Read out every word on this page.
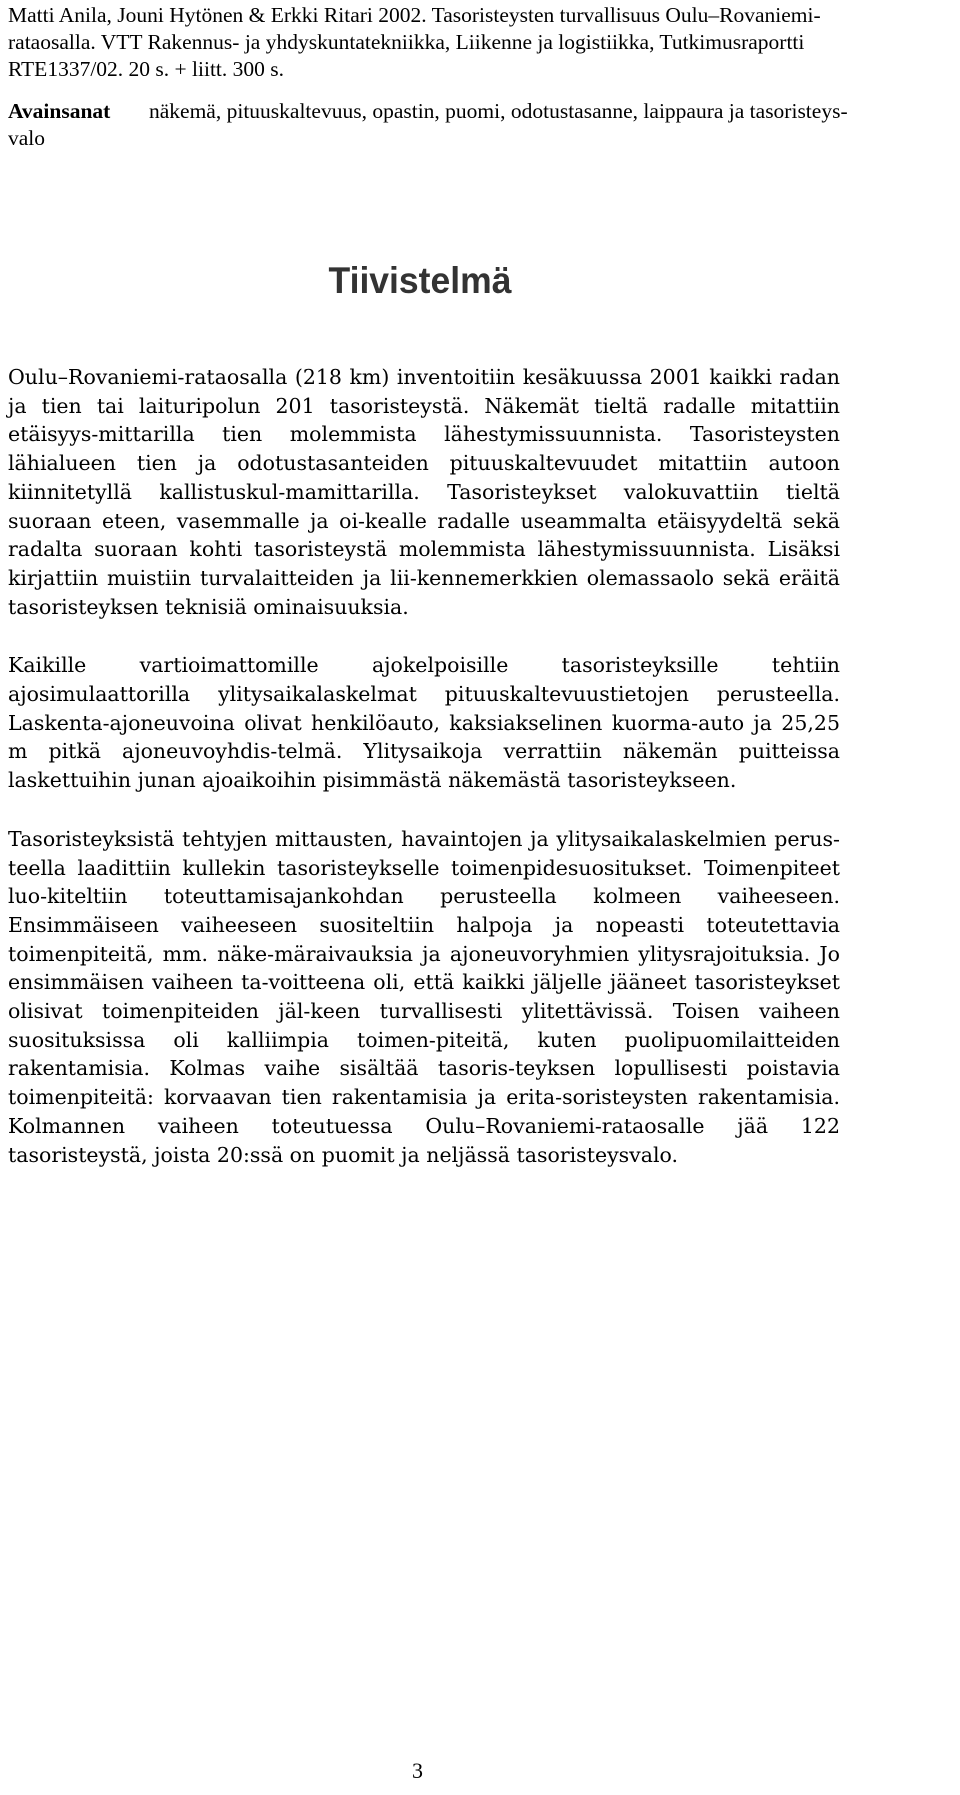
Matti Anila, Jouni Hytönen & Erkki Ritari 2002. Tasoristeysten turvallisuus Oulu–Rovaniemi-rataosalla. VTT Rakennus- ja yhdyskuntatekniikka, Liikenne ja logistiikka, Tutkimusraportti RTE1337/02. 20 s. + liitt. 300 s.
Avainsanat
valo
näkemä, pituuskaltevuus, opastin, puomi, odotustasanne, laippaura ja tasoristeys-
Tiivistelmä

Oulu–Rovaniemi-rataosalla (218 km) inventoitiin kesäkuussa 2001 kaikki radan ja tien tai laituripolun 201 tasoristeystä. Näkemät tieltä radalle mitattiin etäisyys-mittarilla tien molemmista lähestymissuunnista. Tasoristeysten lähialueen tien ja odotustasanteiden pituuskaltevuudet mitattiin autoon kiinnitetyllä kallistuskul-mamittarilla. Tasoristeykset valokuvattiin tieltä suoraan eteen, vasemmalle ja oi-kealle radalle useammalta etäisyydeltä sekä radalta suoraan kohti tasoristeystä molemmista lähestymissuunnista. Lisäksi kirjattiin muistiin turvalaitteiden ja lii-kennemerkkien olemassaolo sekä eräitä tasoristeyksen teknisiä ominaisuuksia.

Kaikille vartioimattomille ajokelpoisille tasoristeyksille tehtiin ajosimulaattorilla ylitysaikalaskelmat pituuskaltevuustietojen perusteella. Laskenta-ajoneuvoina olivat henkilöauto, kaksiakselinen kuorma-auto ja 25,25 m pitkä ajoneuvoyhdis-telmä. Ylitysaikoja verrattiin näkemän puitteissa laskettuihin junan ajoaikoihin pisimmästä näkemästä tasoristeykseen.

Tasoristeyksistä tehtyjen mittausten, havaintojen ja ylitysaikalaskelmien perus-teella laadittiin kullekin tasoristeykselle toimenpidesuositukset. Toimenpiteet luo-kiteltiin toteuttamisajankohdan perusteella kolmeen vaiheeseen. Ensimmäiseen vaiheeseen suositeltiin halpoja ja nopeasti toteutettavia toimenpiteitä, mm. näke-märaivauksia ja ajoneuvoryhmien ylitysrajoituksia. Jo ensimmäisen vaiheen ta-voitteena oli, että kaikki jäljelle jääneet tasoristeykset olisivat toimenpiteiden jäl-keen turvallisesti ylitettävissä. Toisen vaiheen suosituksissa oli kalliimpia toimen-piteitä, kuten puolipuomilaitteiden rakentamisia. Kolmas vaihe sisältää tasoris-teyksen lopullisesti poistavia toimenpiteitä: korvaavan tien rakentamisia ja erita-soristeysten rakentamisia. Kolmannen vaiheen toteutuessa Oulu–Rovaniemi-rataosalle jää 122 tasoristeystä, joista 20:ssä on puomit ja neljässä tasoristeysvalo.

3
